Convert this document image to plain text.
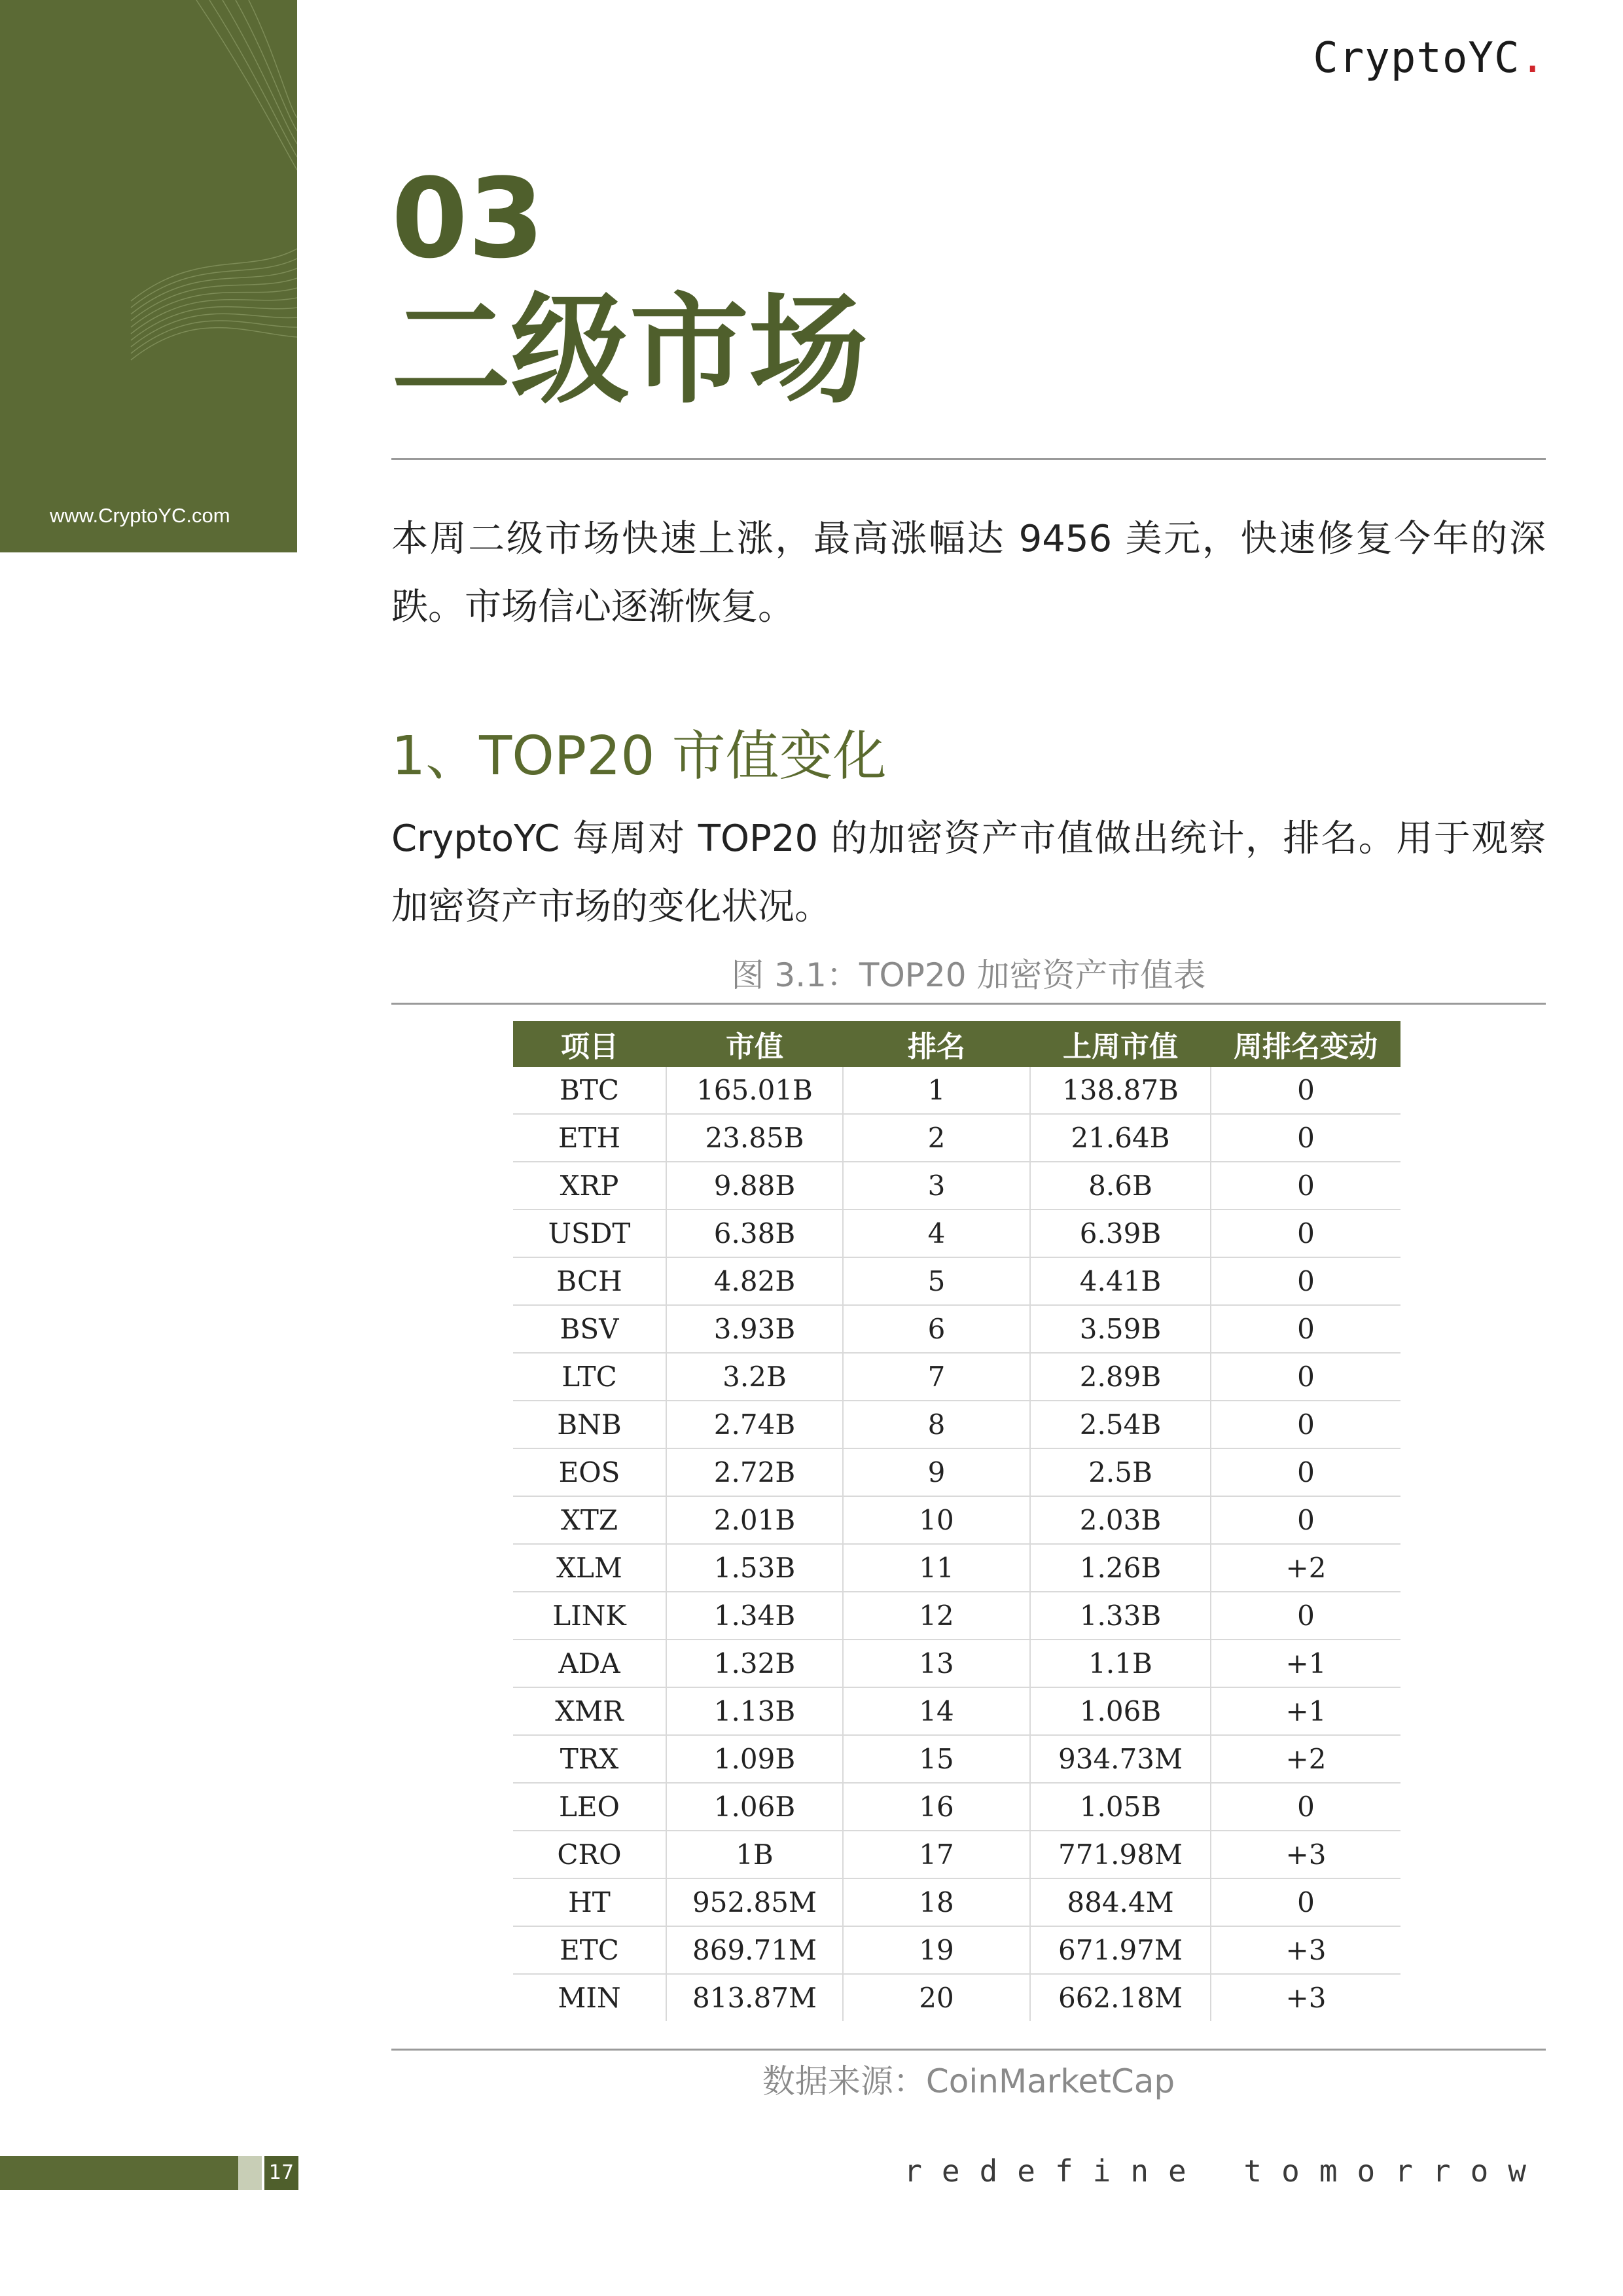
www.CryptoYC.com
CryptoYC.
03
二级市场
本周二级市场快速上涨，最高涨幅达 9456 美元，快速修复今年的深跌。市场信心逐渐恢复。
1、TOP20 市值变化
CryptoYC 每周对 TOP20 的加密资产市值做出统计，排名。用于观察加密资产市场的变化状况。
图 3.1：TOP20 加密资产市值表
项目	市值	排名	上周市值	周排名变动
BTC	165.01B	1	138.87B	0
ETH	23.85B	2	21.64B	0
XRP	9.88B	3	8.6B	0
USDT	6.38B	4	6.39B	0
BCH	4.82B	5	4.41B	0
BSV	3.93B	6	3.59B	0
LTC	3.2B	7	2.89B	0
BNB	2.74B	8	2.54B	0
EOS	2.72B	9	2.5B	0
XTZ	2.01B	10	2.03B	0
XLM	1.53B	11	1.26B	+2
LINK	1.34B	12	1.33B	0
ADA	1.32B	13	1.1B	+1
XMR	1.13B	14	1.06B	+1
TRX	1.09B	15	934.73M	+2
LEO	1.06B	16	1.05B	0
CRO	1B	17	771.98M	+3
HT	952.85M	18	884.4M	0
ETC	869.71M	19	671.97M	+3
MIN	813.87M	20	662.18M	+3
数据来源：CoinMarketCap
17	redefine tomorrow
